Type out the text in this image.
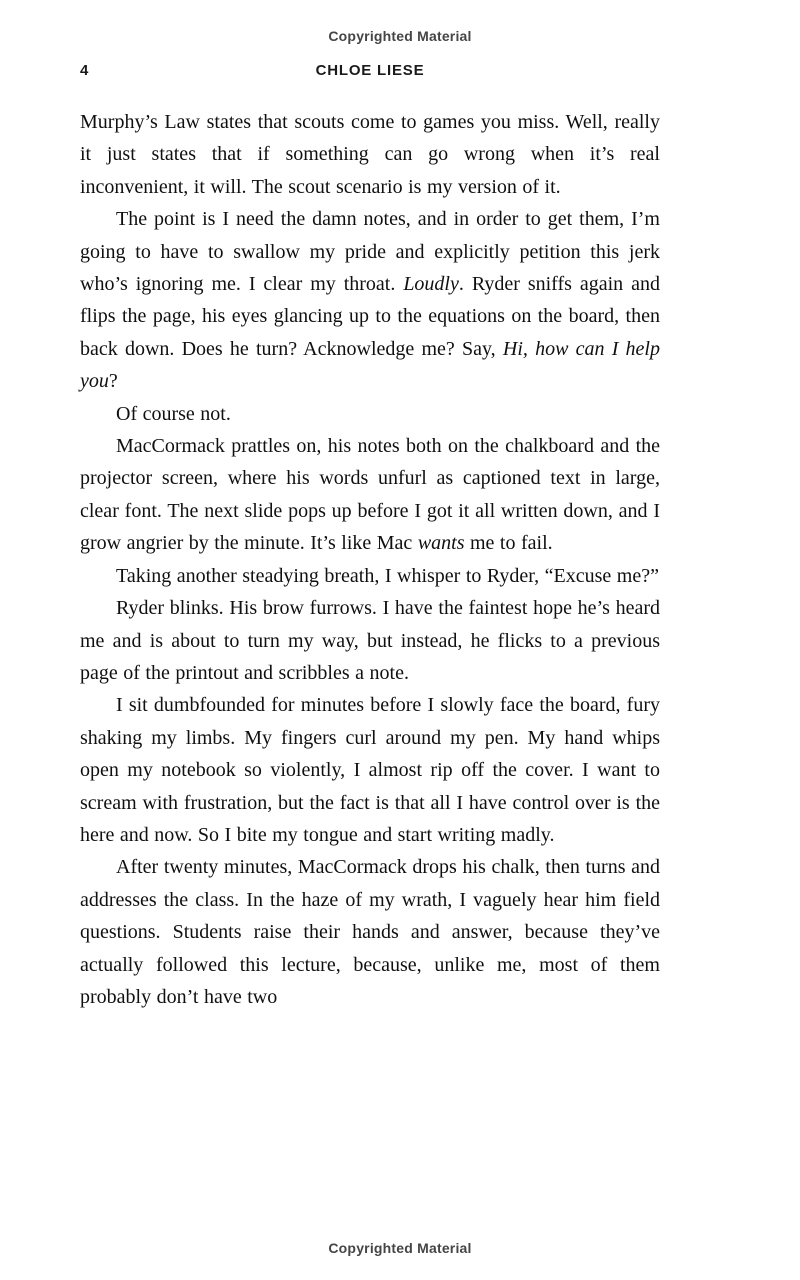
Copyrighted Material
4	CHLOE LIESE

Murphy’s Law states that scouts come to games you miss. Well, really it just states that if something can go wrong when it’s real inconvenient, it will. The scout scenario is my version of it.

The point is I need the damn notes, and in order to get them, I’m going to have to swallow my pride and explicitly petition this jerk who’s ignoring me. I clear my throat. Loudly. Ryder sniffs again and flips the page, his eyes glancing up to the equations on the board, then back down. Does he turn? Acknowledge me? Say, Hi, how can I help you?

Of course not.

MacCormack prattles on, his notes both on the chalkboard and the projector screen, where his words unfurl as captioned text in large, clear font. The next slide pops up before I got it all written down, and I grow angrier by the minute. It’s like Mac wants me to fail.

Taking another steadying breath, I whisper to Ryder, “Excuse me?”

Ryder blinks. His brow furrows. I have the faintest hope he’s heard me and is about to turn my way, but instead, he flicks to a previous page of the printout and scribbles a note.

I sit dumbfounded for minutes before I slowly face the board, fury shaking my limbs. My fingers curl around my pen. My hand whips open my notebook so violently, I almost rip off the cover. I want to scream with frustration, but the fact is that all I have control over is the here and now. So I bite my tongue and start writing madly.

After twenty minutes, MacCormack drops his chalk, then turns and addresses the class. In the haze of my wrath, I vaguely hear him field questions. Students raise their hands and answer, because they’ve actually followed this lecture, because, unlike me, most of them probably don’t have two

Copyrighted Material
